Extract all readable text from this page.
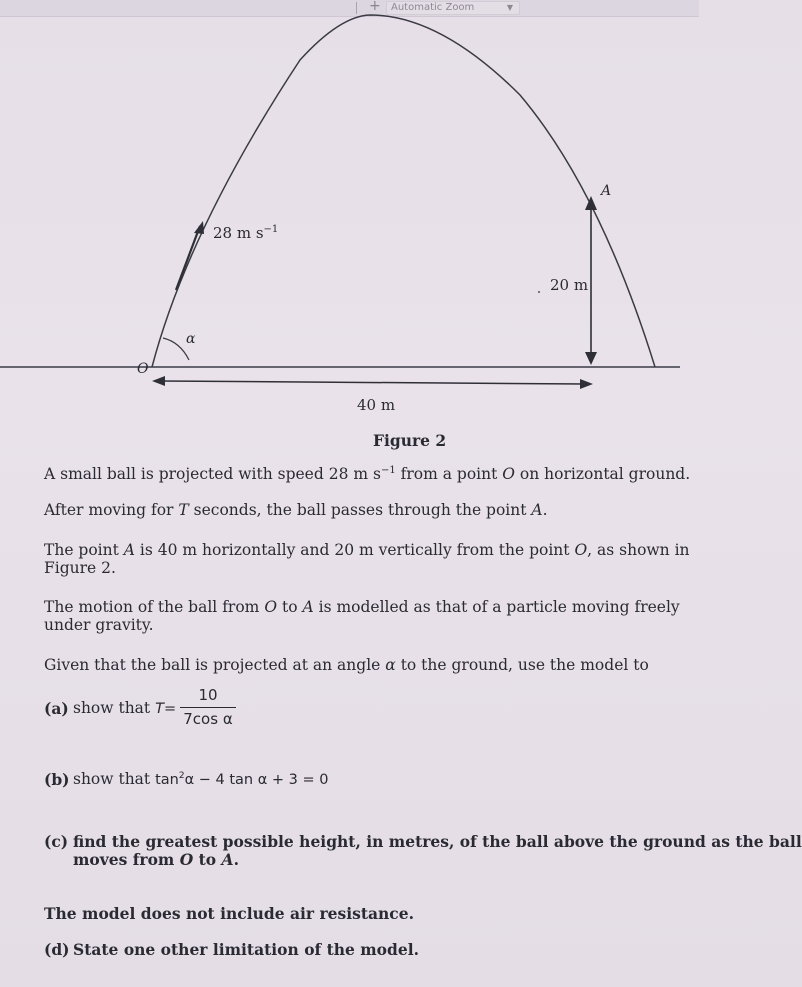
+	Automatic Zoom	▼
28 m $s^{-1}$
20 m
40 m
α
O
A
Figure 2
A small ball is projected with speed 28 m $s^{-1}$ from a point O on horizontal ground.
After moving for T seconds, the ball passes through the point A.
The point A is 40 m horizontally and 20 m vertically from the point O, as shown in
Figure 2.
The motion of the ball from O to A is modelled as that of a particle moving freely
under gravity.
Given that the ball is projected at an angle α to the ground, use the model to
(a) show that T=
10
7cos α
(b) show that $\tan^2\alpha - 4$ tan α + 3 = 0
(c) find the greatest possible height, in metres, of the ball above the ground as the ball
moves from O to A.
The model does not include air resistance.
(d) State one other limitation of the model.
